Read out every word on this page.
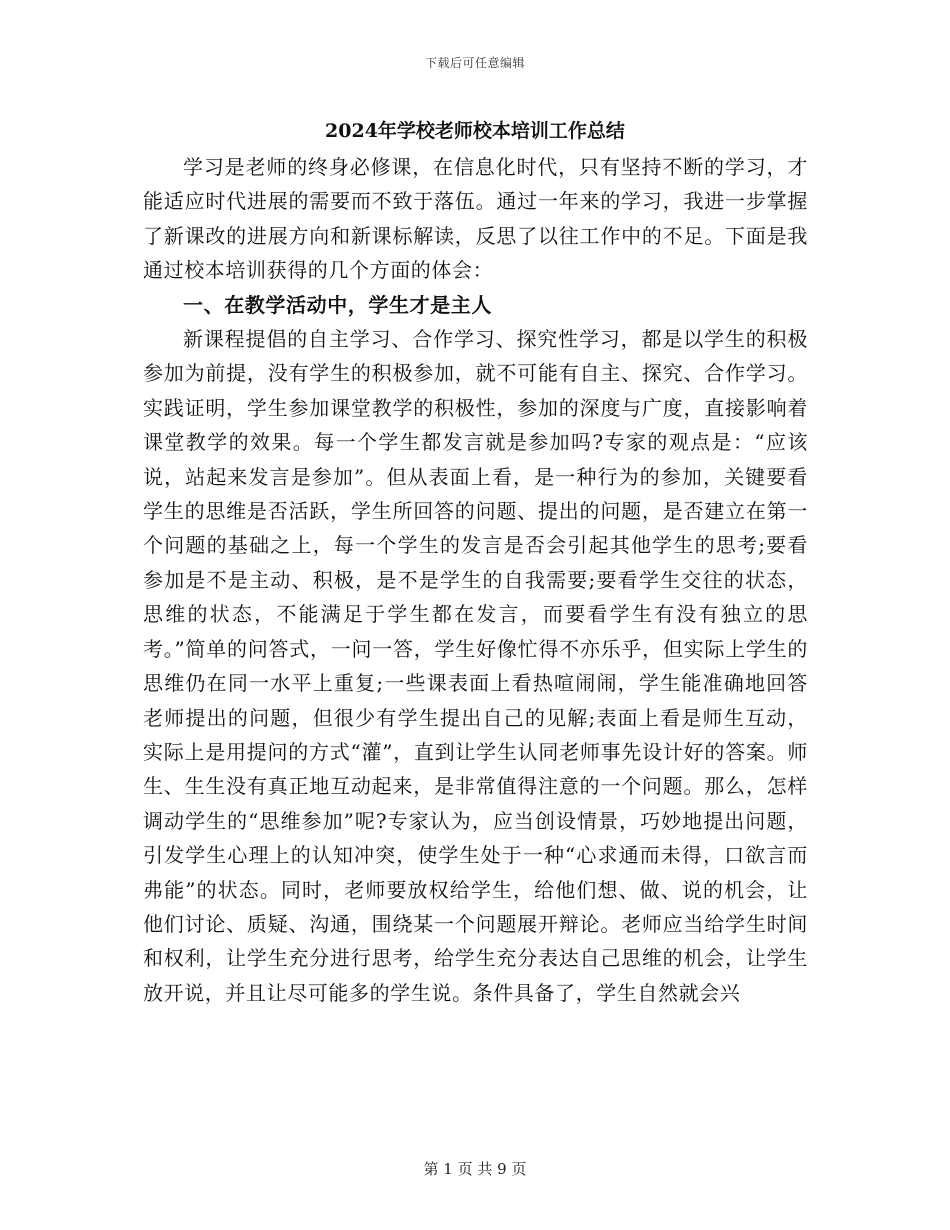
下载后可任意编辑
2024年学校老师校本培训工作总结

学习是老师的终身必修课，在信息化时代，只有坚持不断的学习，才能适应时代进展的需要而不致于落伍。通过一年来的学习，我进一步掌握了新课改的进展方向和新课标解读，反思了以往工作中的不足。下面是我通过校本培训获得的几个方面的体会：

一、在教学活动中，学生才是主人

新课程提倡的自主学习、合作学习、探究性学习，都是以学生的积极参加为前提，没有学生的积极参加，就不可能有自主、探究、合作学习。实践证明，学生参加课堂教学的积极性，参加的深度与广度，直接影响着课堂教学的效果。每一个学生都发言就是参加吗?专家的观点是：“应该说，站起来发言是参加”。但从表面上看，是一种行为的参加，关键要看学生的思维是否活跃，学生所回答的问题、提出的问题，是否建立在第一个问题的基础之上，每一个学生的发言是否会引起其他学生的思考;要看参加是不是主动、积极，是不是学生的自我需要;要看学生交往的状态，思维的状态，不能满足于学生都在发言，而要看学生有没有独立的思考。”简单的问答式，一问一答，学生好像忙得不亦乐乎，但实际上学生的思维仍在同一水平上重复;一些课表面上看热喧闹闹，学生能准确地回答老师提出的问题，但很少有学生提出自己的见解;表面上看是师生互动，实际上是用提问的方式“灌”，直到让学生认同老师事先设计好的答案。师生、生生没有真正地互动起来，是非常值得注意的一个问题。那么，怎样调动学生的“思维参加”呢?专家认为，应当创设情景，巧妙地提出问题，引发学生心理上的认知冲突，使学生处于一种“心求通而未得，口欲言而弗能”的状态。同时，老师要放权给学生，给他们想、做、说的机会，让他们讨论、质疑、沟通，围绕某一个问题展开辩论。老师应当给学生时间和权利，让学生充分进行思考，给学生充分表达自己思维的机会，让学生放开说，并且让尽可能多的学生说。条件具备了，学生自然就会兴

第 1 页 共 9 页
